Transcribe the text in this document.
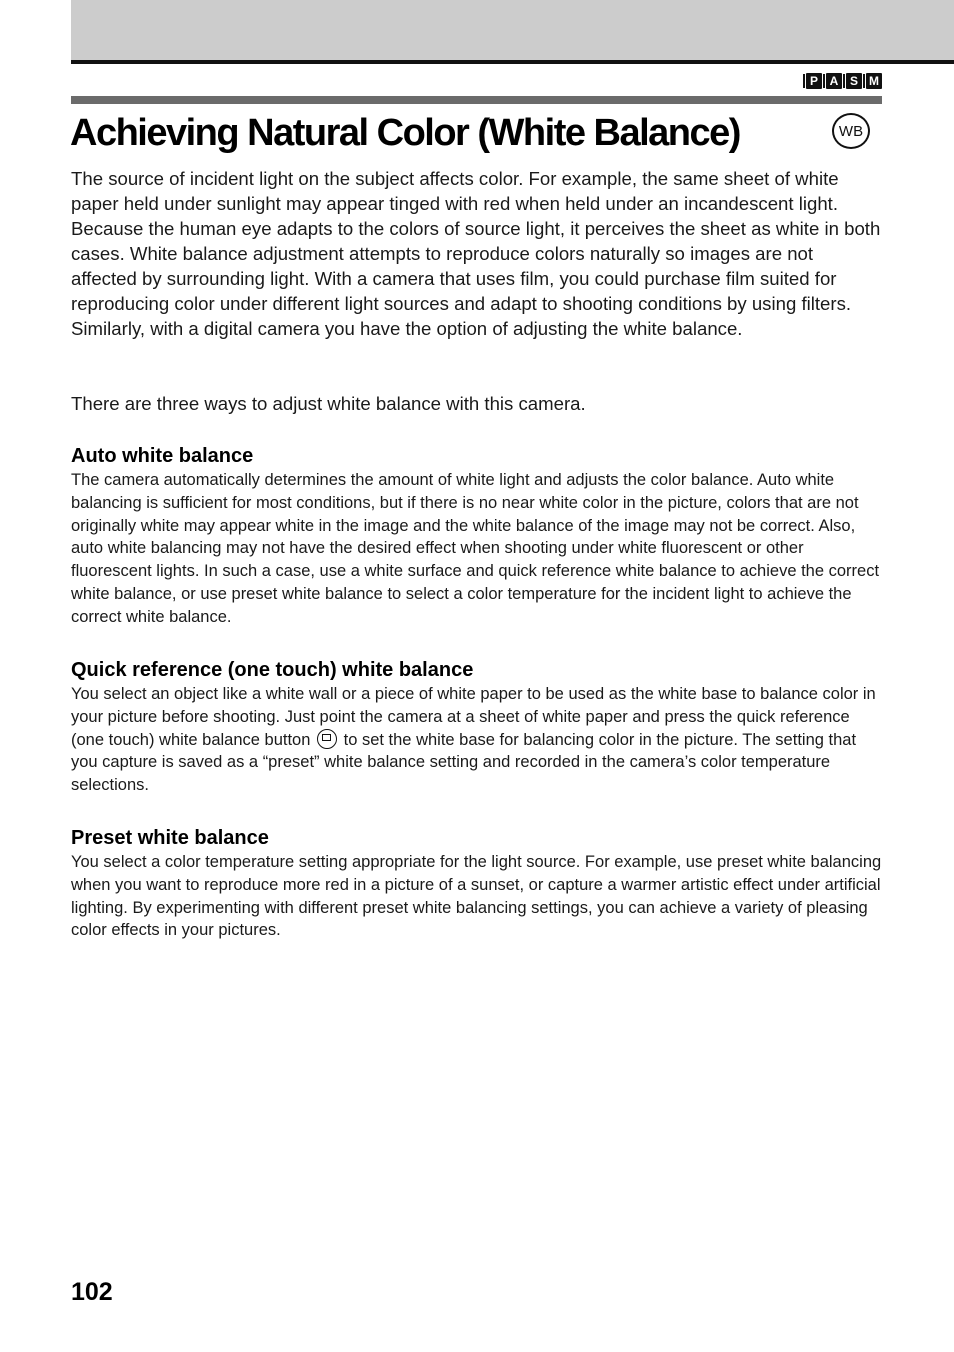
P A S M
Achieving Natural Color (White Balance)	WB

The source of incident light on the subject affects color. For example, the same sheet of white paper held under sunlight may appear tinged with red when held under an incandescent light. Because the human eye adapts to the colors of source light, it perceives the sheet as white in both cases. White balance adjustment attempts to reproduce colors naturally so images are not affected by surrounding light. With a camera that uses film, you could purchase film suited for reproducing color under different light sources and adapt to shooting conditions by using filters. Similarly, with a digital camera you have the option of adjusting the white balance.

There are three ways to adjust white balance with this camera.

Auto white balance

The camera automatically determines the amount of white light and adjusts the color balance. Auto white balancing is sufficient for most conditions, but if there is no near white color in the picture, colors that are not originally white may appear white in the image and the white balance of the image may not be correct. Also, auto white balancing may not have the desired effect when shooting under white fluorescent or other fluorescent lights. In such a case, use a white surface and quick reference white balance to achieve the correct white balance, or use preset white balance to select a color temperature for the incident light to achieve the correct white balance.

Quick reference (one touch) white balance

You select an object like a white wall or a piece of white paper to be used as the white base to balance color in your picture before shooting. Just point the camera at a sheet of white paper and press the quick reference (one touch) white balance button to set the white base for balancing color in the picture. The setting that you capture is saved as a “preset” white balance setting and recorded in the camera’s color temperature selections.

Preset white balance

You select a color temperature setting appropriate for the light source. For example, use preset white balancing when you want to reproduce more red in a picture of a sunset, or capture a warmer artistic effect under artificial lighting. By experimenting with different preset white balancing settings, you can achieve a variety of pleasing color effects in your pictures.

102
